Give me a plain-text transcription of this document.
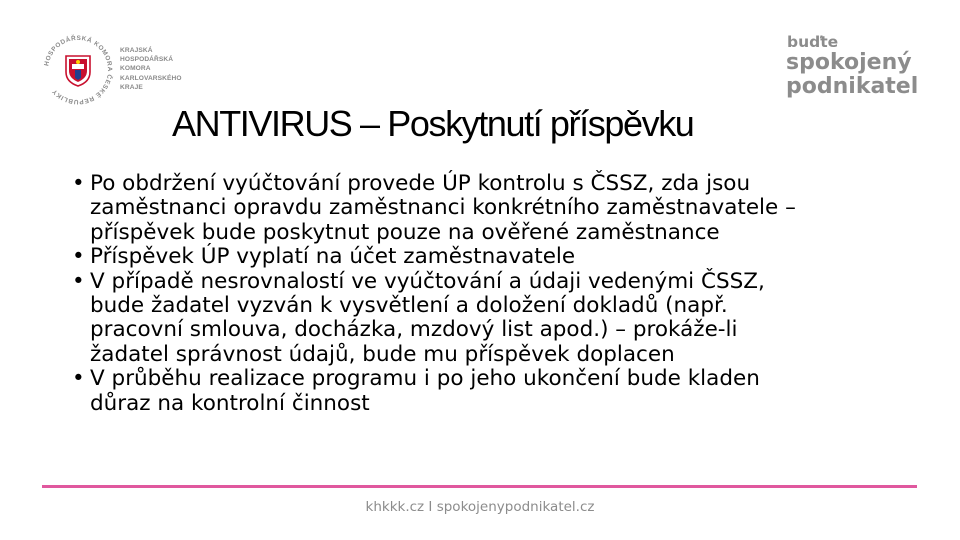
HOSPODÁŘSKÁ KOMORA ČESKÉ REPUBLIKY
KRAJSKÁ
HOSPODÁŘSKÁ
KOMORA
KARLOVARSKÉHO
KRAJE
buďte
spokojený
podnikatel
ANTIVIRUS – Poskytnutí příspěvku
• Po obdržení vyúčtování provede ÚP kontrolu s ČSSZ, zda jsou
zaměstnanci opravdu zaměstnanci konkrétního zaměstnavatele –
příspěvek bude poskytnut pouze na ověřené zaměstnance
• Příspěvek ÚP vyplatí na účet zaměstnavatele
• V případě nesrovnalostí ve vyúčtování a údaji vedenými ČSSZ,
bude žadatel vyzván k vysvětlení a doložení dokladů (např.
pracovní smlouva, docházka, mzdový list apod.) – prokáže-li
žadatel správnost údajů, bude mu příspěvek doplacen
• V průběhu realizace programu i po jeho ukončení bude kladen
důraz na kontrolní činnost
khkkk.cz I spokojenypodnikatel.cz
